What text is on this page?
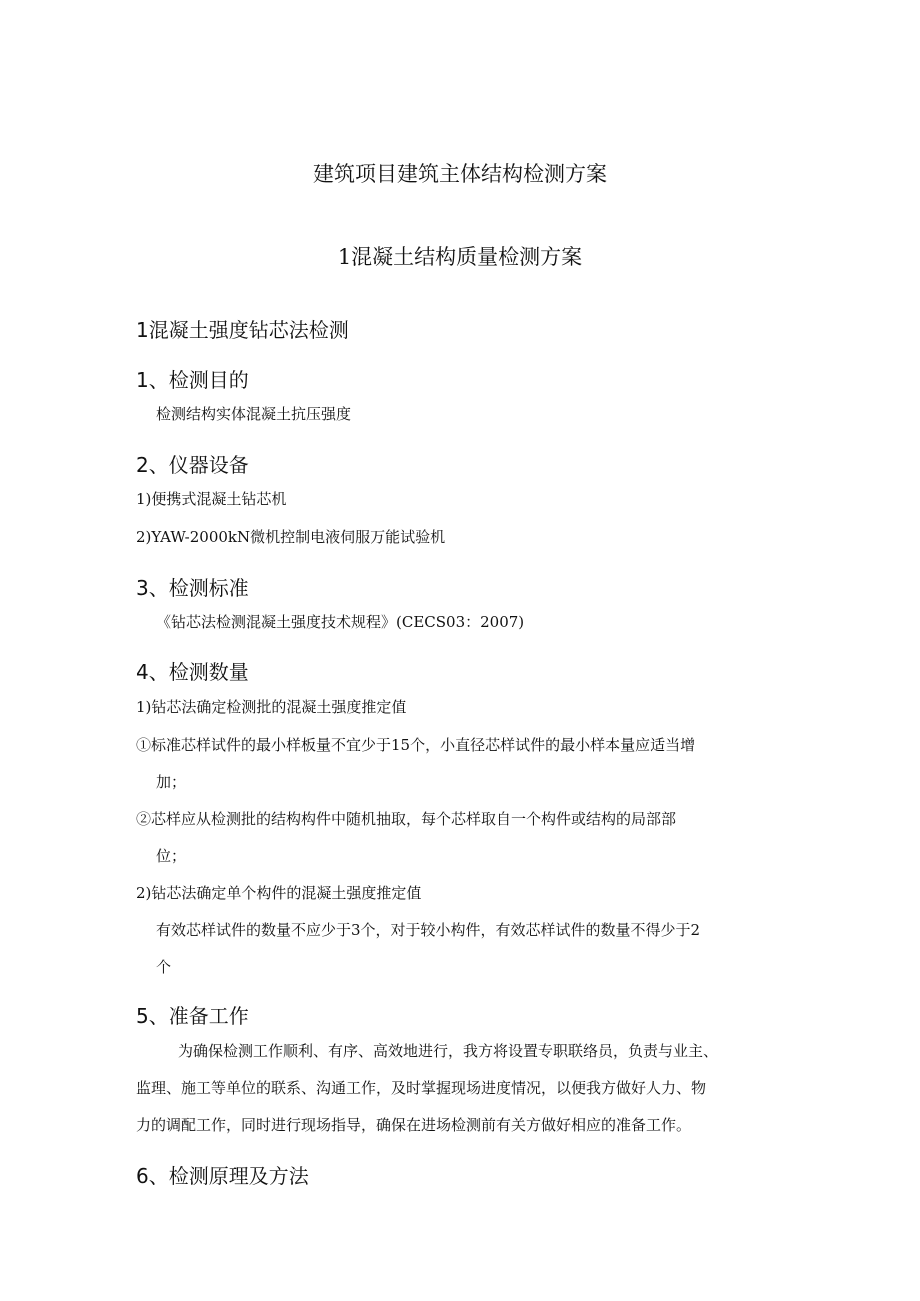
建筑项目建筑主体结构检测方案
1混凝土结构质量检测方案
1混凝土强度钻芯法检测
1、检测目的
检测结构实体混凝土抗压强度
2、仪器设备
1)便携式混凝土钻芯机
2)YAW-2000kN微机控制电液伺服万能试验机
3、检测标准
《钻芯法检测混凝土强度技术规程》(CECS03：2007)
4、检测数量
1)钻芯法确定检测批的混凝土强度推定值
①标准芯样试件的最小样板量不宜少于15个，小直径芯样试件的最小样本量应适当增
加；
②芯样应从检测批的结构构件中随机抽取，每个芯样取自一个构件或结构的局部部
位；
2)钻芯法确定单个构件的混凝土强度推定值
有效芯样试件的数量不应少于3个，对于较小构件，有效芯样试件的数量不得少于2
个
5、准备工作
为确保检测工作顺利、有序、高效地进行，我方将设置专职联络员，负责与业主、
监理、施工等单位的联系、沟通工作，及时掌握现场进度情况，以便我方做好人力、物
力的调配工作，同时进行现场指导，确保在进场检测前有关方做好相应的准备工作。
6、检测原理及方法
